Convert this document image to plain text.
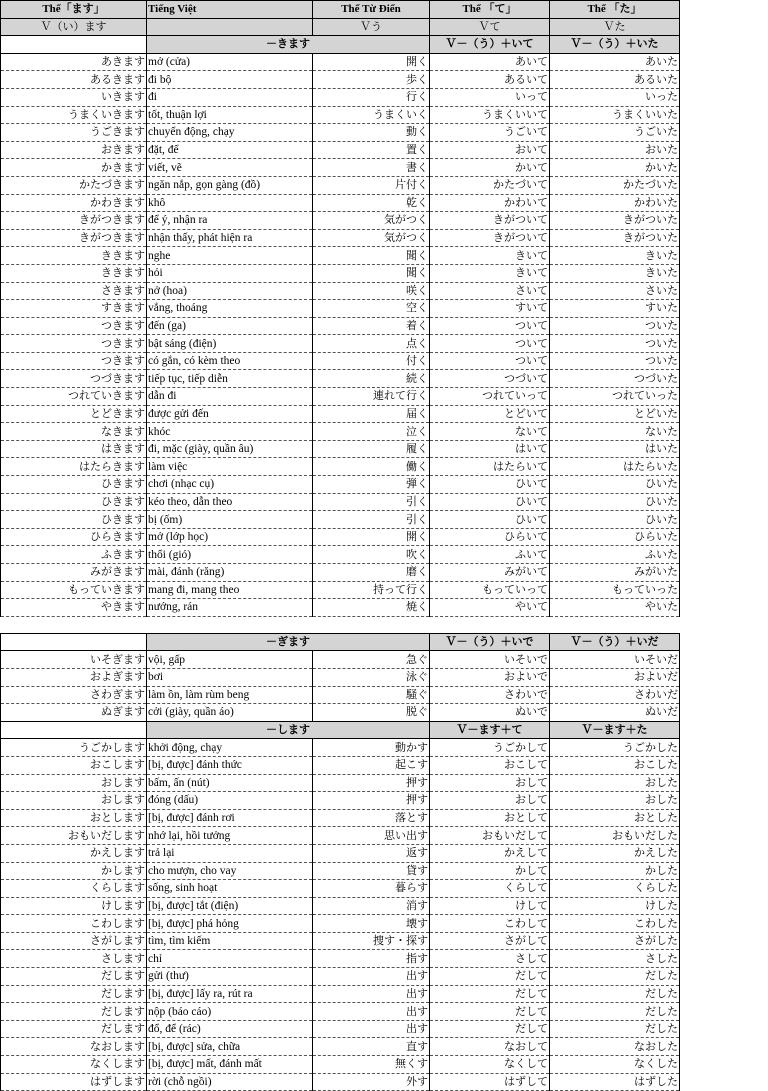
Thể「ます」	Tiếng Việt	Thể Từ Điển	Thể 「て」	Thể 「た」
Ｖ（い）ます		Ｖう	Ｖて	Ｖた
	－きます		Ｖ－（う）＋いて	Ｖ－（う）＋いた
あきます	mở (cửa)	開く	あいて	あいた
あるきます	đi bộ	歩く	あるいて	あるいた
いきます	đi	行く	いって	いった
うまくいきます	tốt, thuận lợi	うまくいく	うまくいいて	うまくいいた
うごきます	chuyển động, chạy	動く	うごいて	うごいた
おきます	đặt, để	置く	おいて	おいた
かきます	viết, vẽ	書く	かいて	かいた
かたづきます	ngăn nắp, gọn gàng (đồ)	片付く	かたづいて	かたづいた
かわきます	khô	乾く	かわいて	かわいた
きがつきます	để ý, nhận ra	気がつく	きがついて	きがついた
きがつきます	nhận thấy, phát hiện ra	気がつく	きがついて	きがついた
ききます	nghe	聞く	きいて	きいた
ききます	hỏi	聞く	きいて	きいた
さきます	nở (hoa)	咲く	さいて	さいた
すきます	vắng, thoáng	空く	すいて	すいた
つきます	đến (ga)	着く	ついて	ついた
つきます	bật sáng (điện)	点く	ついて	ついた
つきます	có gắn, có kèm theo	付く	ついて	ついた
つづきます	tiếp tục, tiếp diễn	続く	つづいて	つづいた
つれていきます	dẫn đi	連れて行く	つれていって	つれていった
とどきます	được gửi đến	届く	とどいて	とどいた
なきます	khóc	泣く	ないて	ないた
はきます	đi, mặc (giày, quần âu)	履く	はいて	はいた
はたらきます	làm việc	働く	はたらいて	はたらいた
ひきます	chơi (nhạc cụ)	弾く	ひいて	ひいた
ひきます	kéo theo, dẫn theo	引く	ひいて	ひいた
ひきます	bị (ốm)	引く	ひいて	ひいた
ひらきます	mở (lớp học)	開く	ひらいて	ひらいた
ふきます	thổi (gió)	吹く	ふいて	ふいた
みがきます	mài, đánh (răng)	磨く	みがいて	みがいた
もっていきます	mang đi, mang theo	持って行く	もっていって	もっていった
やきます	nướng, rán	焼く	やいて	やいた

	－ぎます		Ｖ－（う）＋いで	Ｖ－（う）＋いだ
いそぎます	vội, gấp	急ぐ	いそいで	いそいだ
およぎます	bơi	泳ぐ	およいで	およいだ
さわぎます	làm ồn, làm rùm beng	騒ぐ	さわいで	さわいだ
ぬぎます	cởi (giày, quần áo)	脱ぐ	ぬいで	ぬいだ
	－します		Ｖ－ます＋て	Ｖ－ます＋た
うごかします	khởi động, chạy	動かす	うごかして	うごかした
おこします	[bị, được] đánh thức	起こす	おこして	おこした
おします	bấm, ấn (nút)	押す	おして	おした
おします	đóng (dấu)	押す	おして	おした
おとします	[bị, được] đánh rơi	落とす	おとして	おとした
おもいだします	nhớ lại, hồi tưởng	思い出す	おもいだして	おもいだした
かえします	trả lại	返す	かえして	かえした
かします	cho mượn, cho vay	貸す	かして	かした
くらします	sống, sinh hoạt	暮らす	くらして	くらした
けします	[bị, được] tắt (điện)	消す	けして	けした
こわします	[bị, được] phá hỏng	壊す	こわして	こわした
さがします	tìm, tìm kiếm	捜す・探す	さがして	さがした
さします	chỉ	指す	さして	さした
だします	gửi (thư)	出す	だして	だした
だします	[bị, được] lấy ra, rút ra	出す	だして	だした
だします	nộp (báo cáo)	出す	だして	だした
だします	đổ, để (rác)	出す	だして	だした
なおします	[bị, được] sửa, chữa	直す	なおして	なおした
なくします	[bị, được] mất, đánh mất	無くす	なくして	なくした
はずします	rời (chỗ ngồi)	外す	はずして	はずした
